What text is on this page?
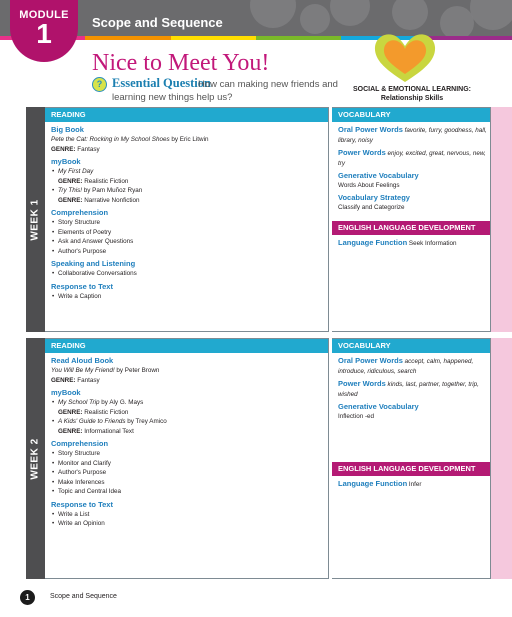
MODULE
1	Scope and Sequence
Nice to Meet You!
? Essential Question
How can making new friends and learning new things help us?
SOCIAL & EMOTIONAL LEARNING:
Relationship Skills
WEEK 1
READING
Big Book
Pete the Cat: Rocking in My School Shoes by Eric Litwin
GENRE: Fantasy
myBook
• My First Day
GENRE: Realistic Fiction
• Try This! by Pam Muñoz Ryan
GENRE: Narrative Nonfiction
Comprehension
• Story Structure
• Elements of Poetry
• Ask and Answer Questions
• Author's Purpose
Speaking and Listening
• Collaborative Conversations
Response to Text
• Write a Caption
VOCABULARY
Oral Power Words favorite, furry, goodness, hall, library, noisy
Power Words enjoy, excited, great, nervous, new, try
Generative Vocabulary
Words About Feelings
Vocabulary Strategy
Classify and Categorize
ENGLISH LANGUAGE DEVELOPMENT
Language Function Seek Information
WEEK 2
READING
Read Aloud Book
You Will Be My Friend! by Peter Brown
GENRE: Fantasy
myBook
• My School Trip by Aly G. Mays
GENRE: Realistic Fiction
• A Kids' Guide to Friends by Trey Amico
GENRE: Informational Text
Comprehension
• Story Structure
• Monitor and Clarify
• Author's Purpose
• Make Inferences
• Topic and Central Idea
Response to Text
• Write a List
• Write an Opinion
VOCABULARY
Oral Power Words accept, calm, happened, introduce, ridiculous, search
Power Words kinds, last, partner, together, trip, wished
Generative Vocabulary
Inflection -ed
ENGLISH LANGUAGE DEVELOPMENT
Language Function Infer
1	Scope and Sequence
